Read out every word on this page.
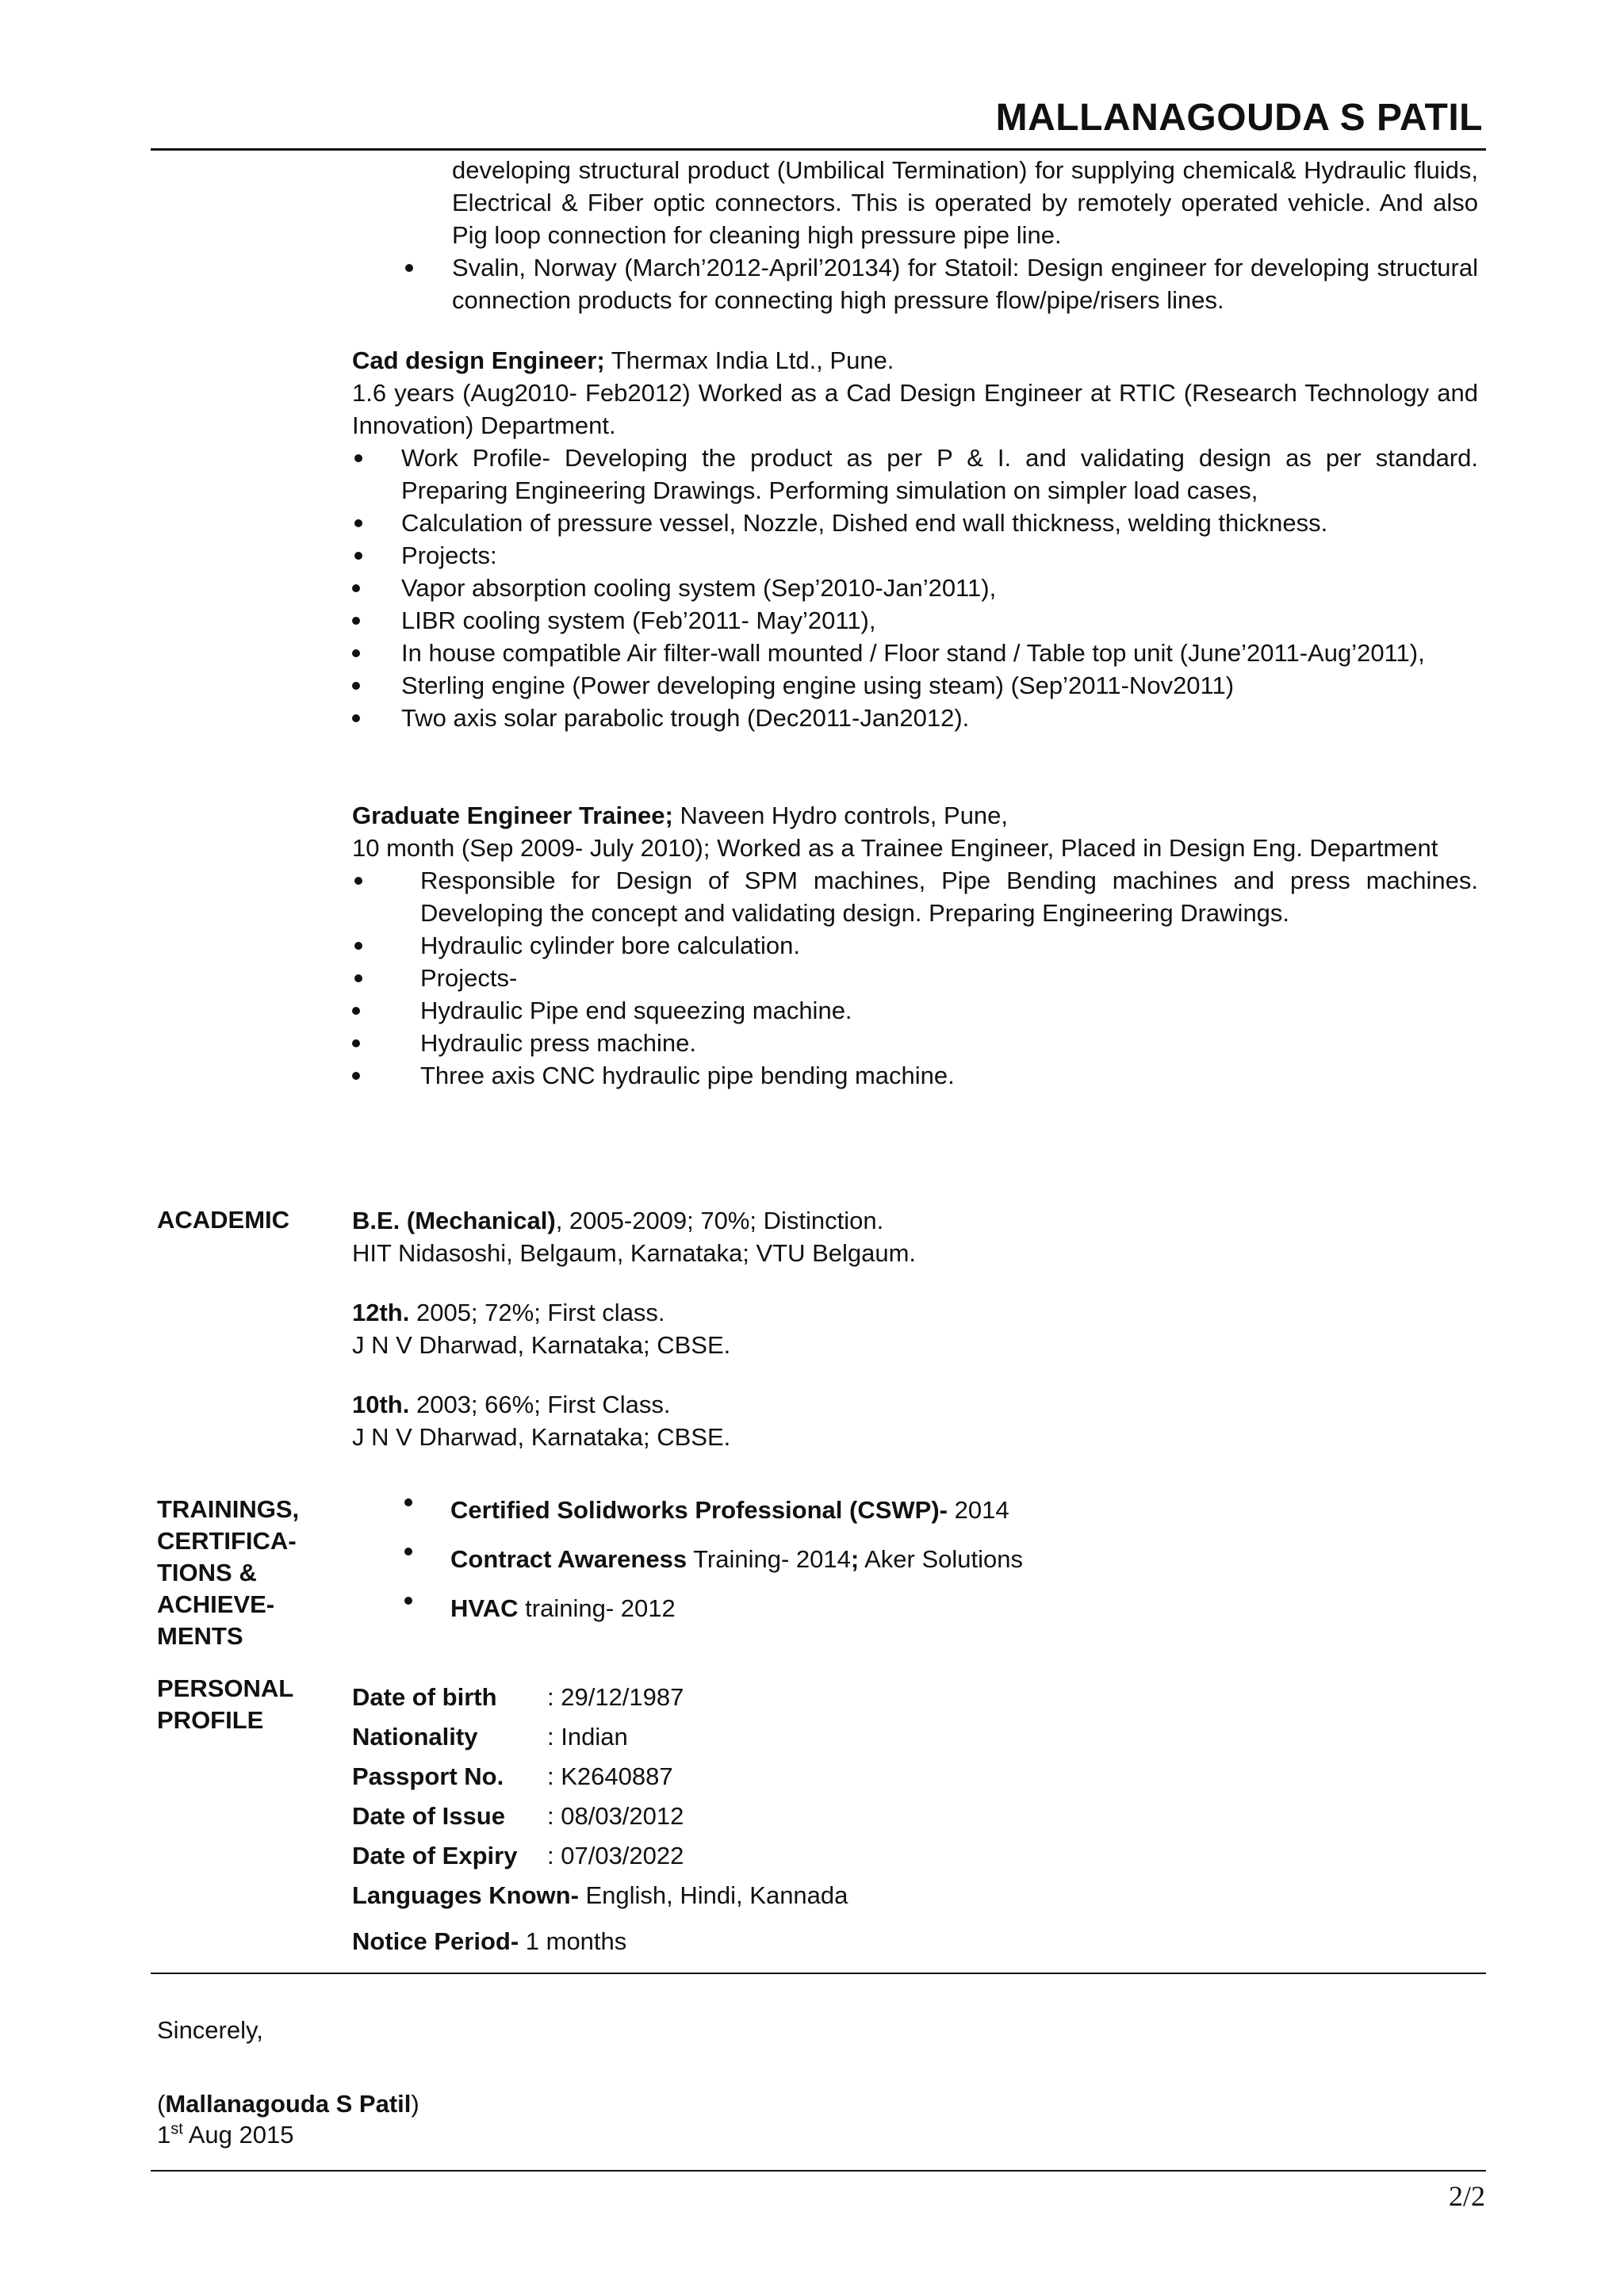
MALLANAGOUDA S PATIL
developing structural product (Umbilical Termination) for supplying chemical& Hydraulic fluids, Electrical & Fiber optic connectors. This is operated by remotely operated vehicle. And also Pig loop connection for cleaning high pressure pipe line.
Svalin, Norway (March’2012-April’20134) for Statoil: Design engineer for developing structural connection products for connecting high pressure flow/pipe/risers lines.
Cad design Engineer; Thermax India Ltd., Pune.
1.6 years (Aug2010- Feb2012) Worked as a Cad Design Engineer at RTIC (Research Technology and Innovation) Department.
Work Profile- Developing the product as per P & I. and validating design as per standard. Preparing Engineering Drawings. Performing simulation on simpler load cases,
Calculation of pressure vessel, Nozzle, Dished end wall thickness, welding thickness.
Projects:
Vapor absorption cooling system (Sep’2010-Jan’2011),
LIBR cooling system (Feb’2011- May’2011),
In house compatible Air filter-wall mounted / Floor stand / Table top unit (June’2011-Aug’2011),
Sterling engine (Power developing engine using steam) (Sep’2011-Nov2011)
Two axis solar parabolic trough (Dec2011-Jan2012).
Graduate Engineer Trainee; Naveen Hydro controls, Pune,
10 month (Sep 2009- July 2010); Worked as a Trainee Engineer, Placed in Design Eng. Department
Responsible for Design of SPM machines, Pipe Bending machines and press machines. Developing the concept and validating design. Preparing Engineering Drawings.
Hydraulic cylinder bore calculation.
Projects-
Hydraulic Pipe end squeezing machine.
Hydraulic press machine.
Three axis CNC hydraulic pipe bending machine.
ACADEMIC	B.E. (Mechanical), 2005-2009; 70%; Distinction.
HIT Nidasoshi, Belgaum, Karnataka; VTU Belgaum.
12th. 2005; 72%; First class.
J N V Dharwad, Karnataka; CBSE.
10th. 2003; 66%; First Class.
J N V Dharwad, Karnataka; CBSE.
TRAININGS, CERTIFICA-TIONS & ACHIEVE-MENTS
Certified Solidworks Professional (CSWP)- 2014
Contract Awareness Training- 2014; Aker Solutions
HVAC training- 2012
PERSONAL PROFILE
Date of birth : 29/12/1987
Nationality	: Indian
Passport No. : K2640887
Date of Issue : 08/03/2012
Date of Expiry : 07/03/2022
Languages Known- English, Hindi, Kannada
Notice Period- 1 months
Sincerely,
(Mallanagouda S Patil)
1st Aug 2015
2/2
